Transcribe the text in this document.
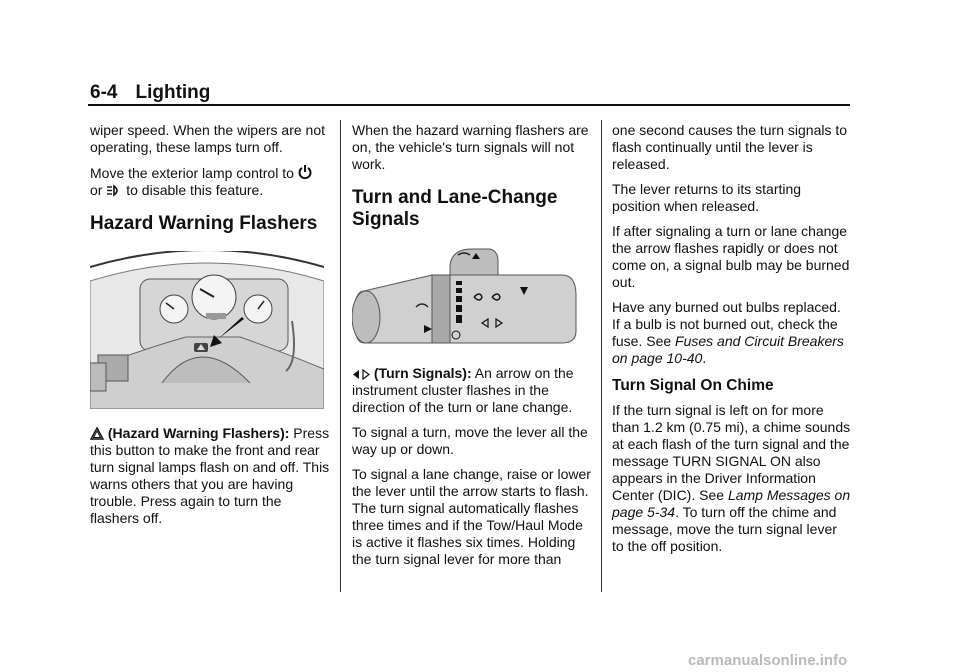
6-4 Lighting

wiper speed. When the wipers are not operating, these lamps turn off.

Move the exterior lamp control to
or to disable this feature.

Hazard Warning Flashers

(Hazard Warning Flashers): Press this button to make the front and rear turn signal lamps flash on and off. This warns others that you are having trouble. Press again to turn the flashers off.

When the hazard warning flashers are on, the vehicle's turn signals will not work.

Turn and Lane-Change Signals

(Turn Signals): An arrow on the instrument cluster flashes in the direction of the turn or lane change.

To signal a turn, move the lever all the way up or down.

To signal a lane change, raise or lower the lever until the arrow starts to flash. The turn signal automatically flashes three times and if the Tow/Haul Mode is active it flashes six times. Holding the turn signal lever for more than

one second causes the turn signals to flash continually until the lever is released.

The lever returns to its starting position when released.

If after signaling a turn or lane change the arrow flashes rapidly or does not come on, a signal bulb may be burned out.

Have any burned out bulbs replaced. If a bulb is not burned out, check the fuse. See Fuses and Circuit Breakers on page 10-40.

Turn Signal On Chime

If the turn signal is left on for more than 1.2 km (0.75 mi), a chime sounds at each flash of the turn signal and the message TURN SIGNAL ON also appears in the Driver Information Center (DIC). See Lamp Messages on page 5-34. To turn off the chime and message, move the turn signal lever to the off position.

carmanualsonline.info
